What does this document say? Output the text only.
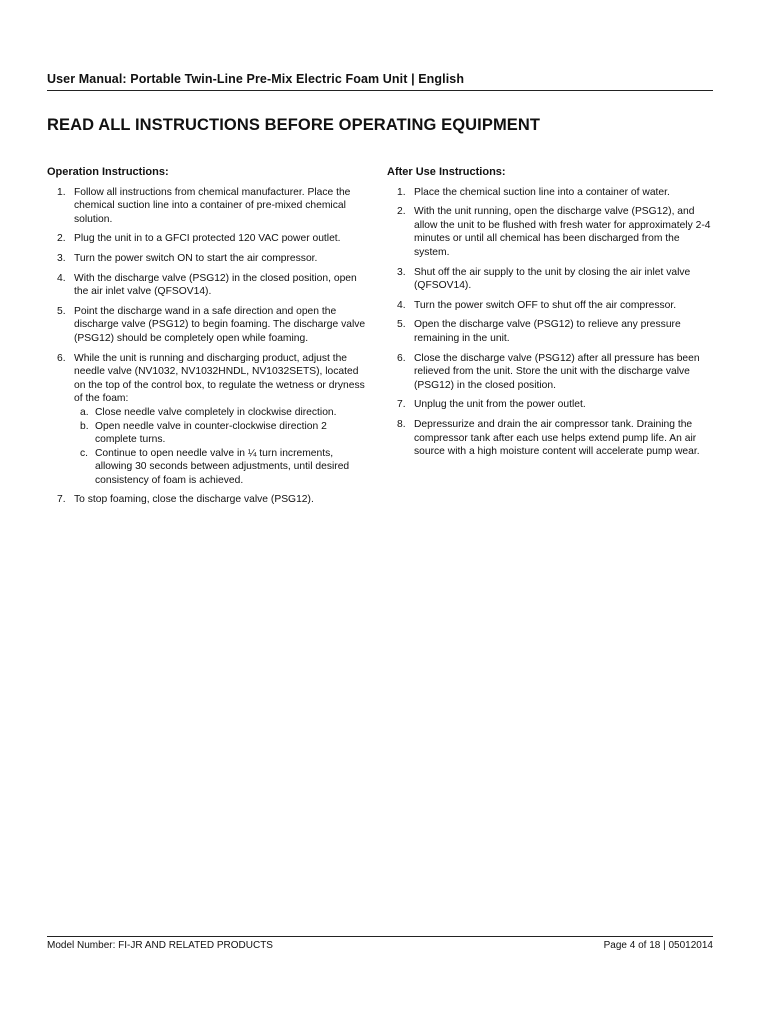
User Manual: Portable Twin-Line Pre-Mix Electric Foam Unit | English
READ ALL INSTRUCTIONS BEFORE OPERATING EQUIPMENT
Operation Instructions:
1. Follow all instructions from chemical manufacturer. Place the chemical suction line into a container of pre-mixed chemical solution.
2. Plug the unit in to a GFCI protected 120 VAC power outlet.
3. Turn the power switch ON to start the air compressor.
4. With the discharge valve (PSG12) in the closed position, open the air inlet valve (QFSOV14).
5. Point the discharge wand in a safe direction and open the discharge valve (PSG12) to begin foaming. The discharge valve (PSG12) should be completely open while foaming.
6. While the unit is running and discharging product, adjust the needle valve (NV1032, NV1032HNDL, NV1032SETS), located on the top of the control box, to regulate the wetness or dryness of the foam:
a. Close needle valve completely in clockwise direction.
b. Open needle valve in counter-clockwise direction 2 complete turns.
c. Continue to open needle valve in ¼ turn increments, allowing 30 seconds between adjustments, until desired consistency of foam is achieved.
7. To stop foaming, close the discharge valve (PSG12).
After Use Instructions:
1. Place the chemical suction line into a container of water.
2. With the unit running, open the discharge valve (PSG12), and allow the unit to be flushed with fresh water for approximately 2-4 minutes or until all chemical has been discharged from the system.
3. Shut off the air supply to the unit by closing the air inlet valve (QFSOV14).
4. Turn the power switch OFF to shut off the air compressor.
5. Open the discharge valve (PSG12) to relieve any pressure remaining in the unit.
6. Close the discharge valve (PSG12) after all pressure has been relieved from the unit. Store the unit with the discharge valve (PSG12) in the closed position.
7. Unplug the unit from the power outlet.
8. Depressurize and drain the air compressor tank. Draining the compressor tank after each use helps extend pump life. An air source with a high moisture content will accelerate pump wear.
Model Number: FI-JR AND RELATED PRODUCTS	Page 4 of 18 | 05012014
